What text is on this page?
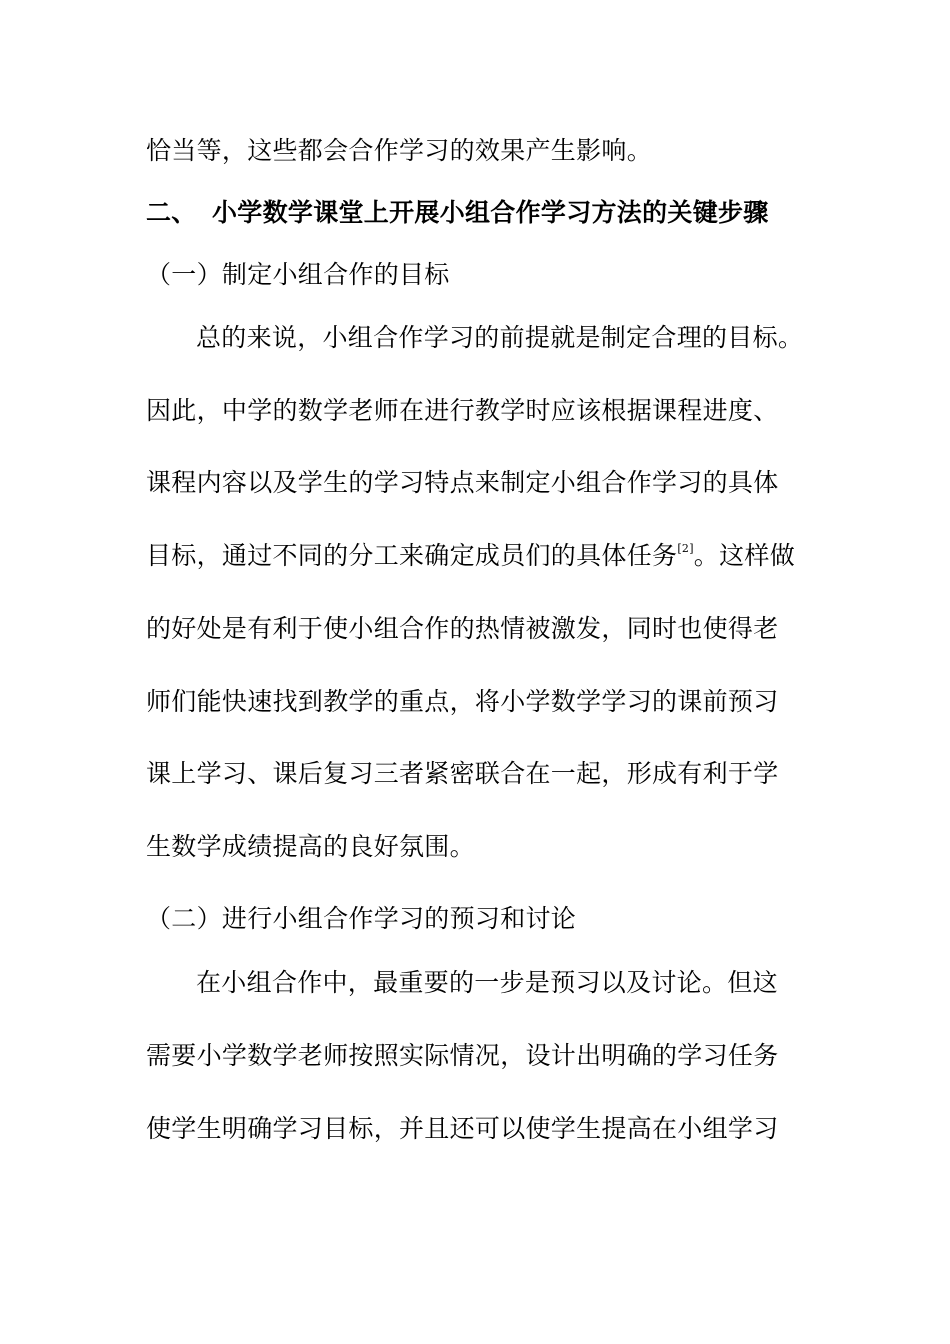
恰当等，这些都会合作学习的效果产生影响。
二、 小学数学课堂上开展小组合作学习方法的关键步骤
（一）制定小组合作的目标
总的来说，小组合作学习的前提就是制定合理的目标。
因此，中学的数学老师在进行教学时应该根据课程进度、
课程内容以及学生的学习特点来制定小组合作学习的具体
目标，通过不同的分工来确定成员们的具体任务[2]。这样做
的好处是有利于使小组合作的热情被激发，同时也使得老
师们能快速找到教学的重点，将小学数学学习的课前预习
课上学习、课后复习三者紧密联合在一起，形成有利于学
生数学成绩提高的良好氛围。
（二）进行小组合作学习的预习和讨论
在小组合作中，最重要的一步是预习以及讨论。但这
需要小学数学老师按照实际情况，设计出明确的学习任务
使学生明确学习目标，并且还可以使学生提高在小组学习
